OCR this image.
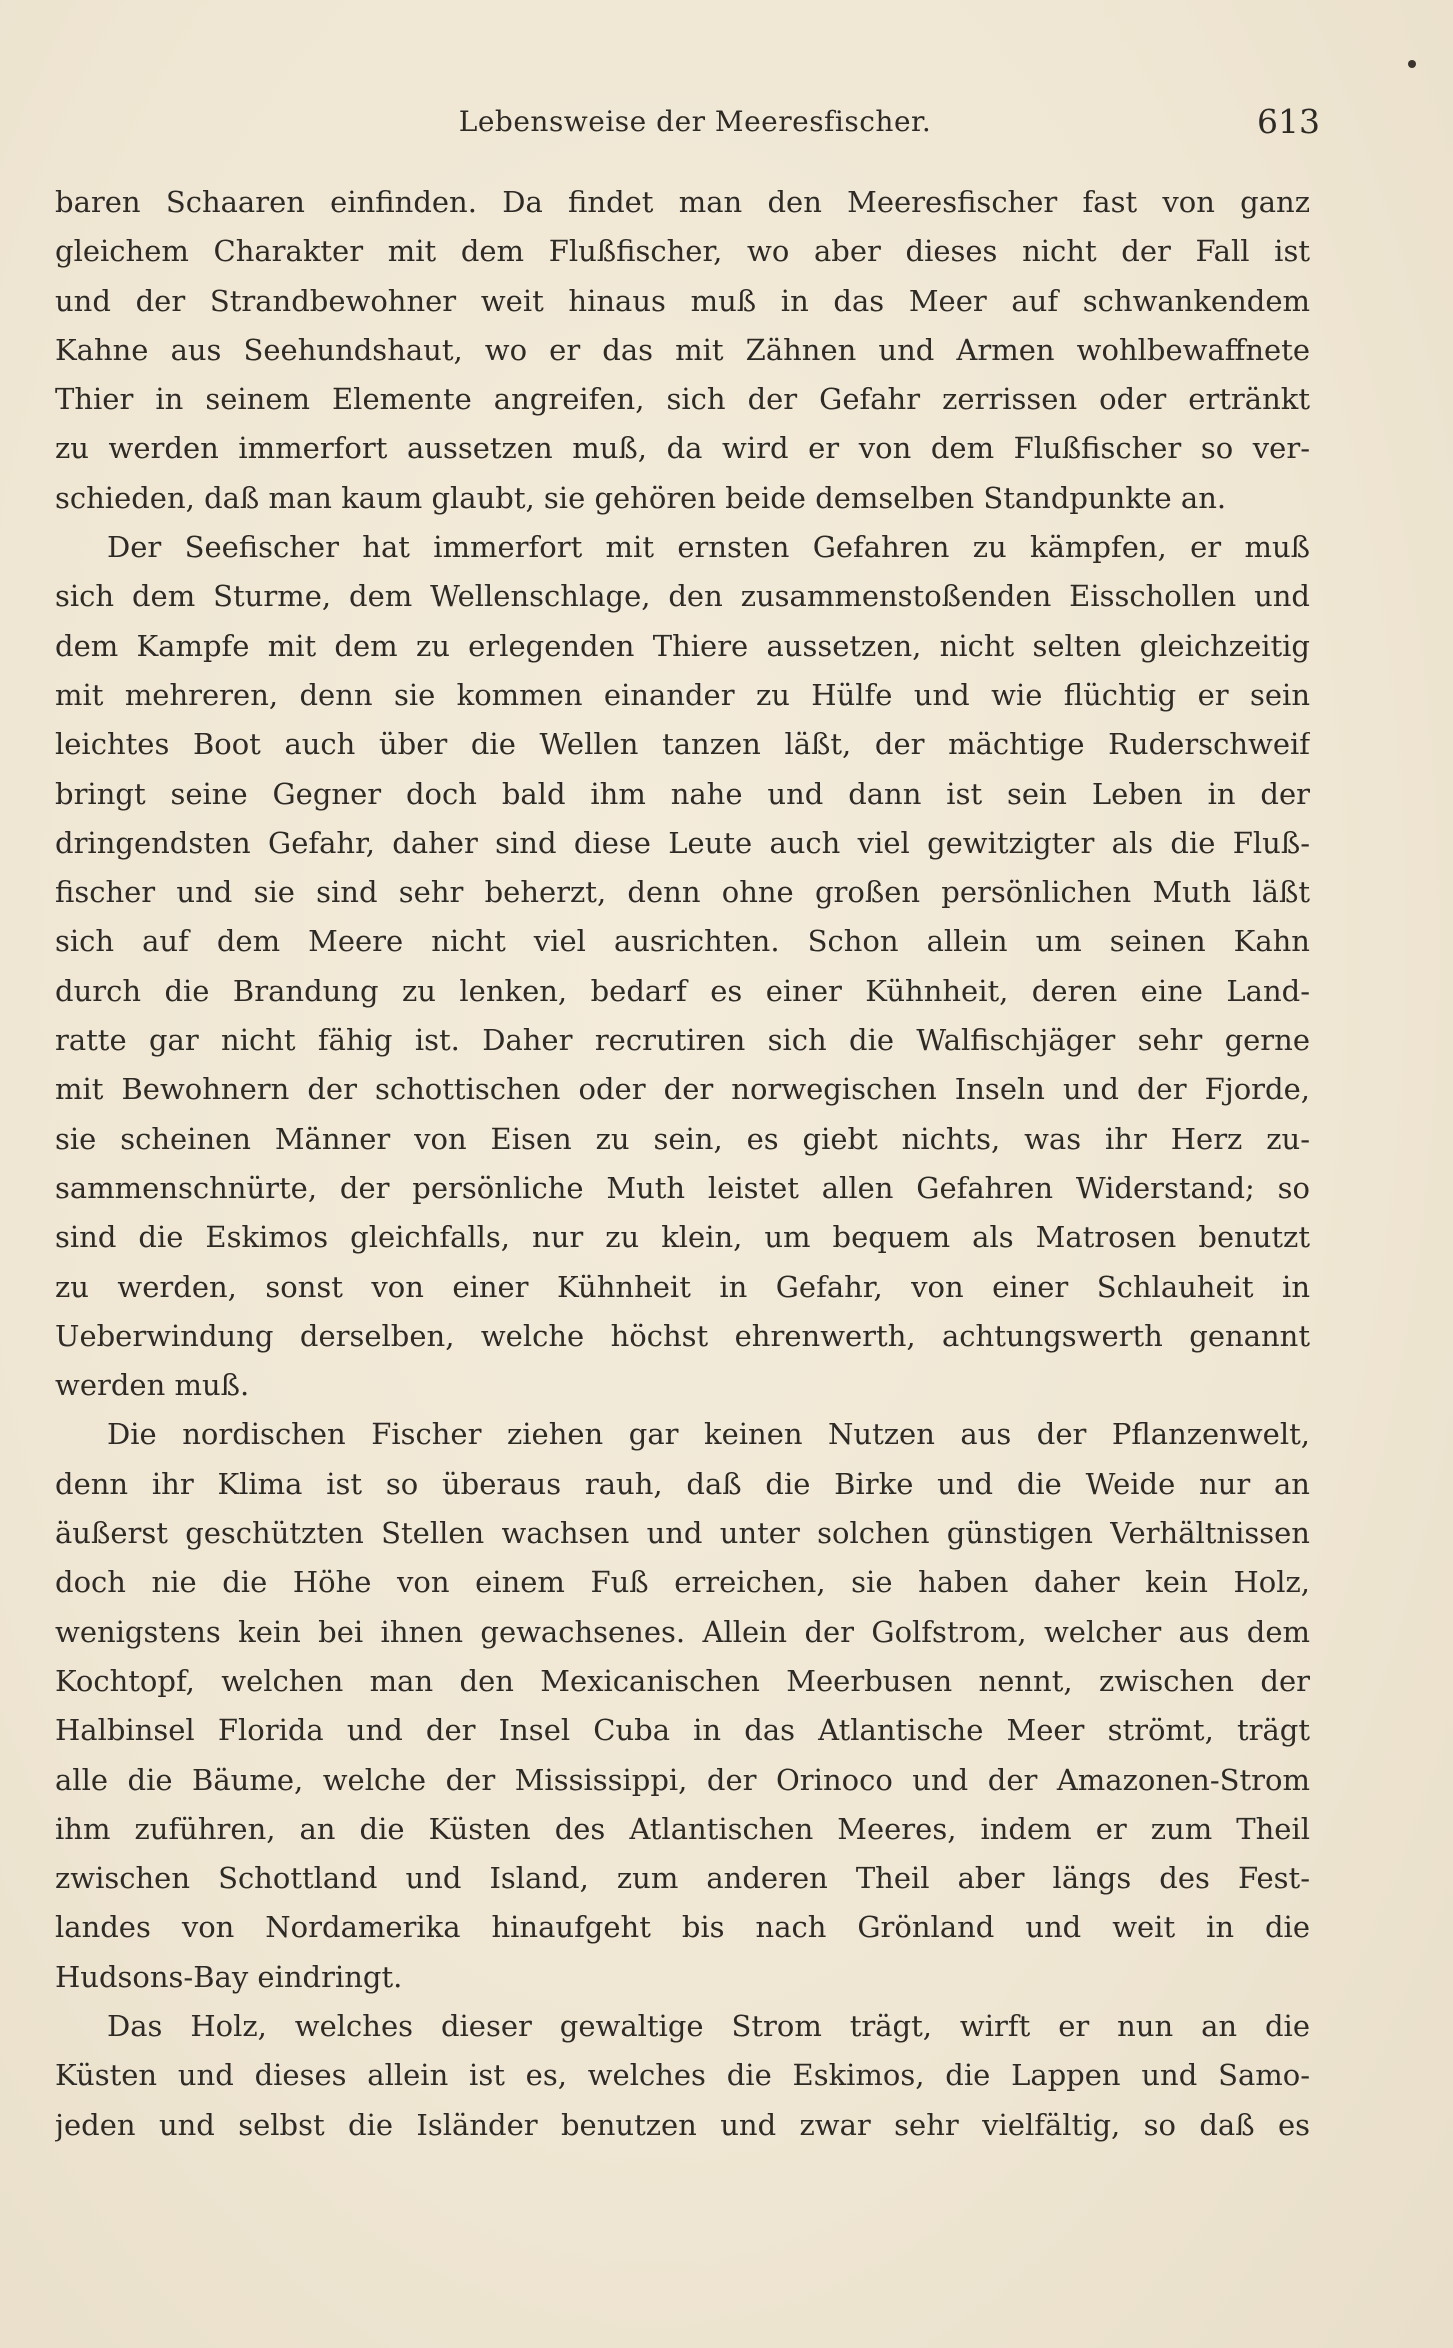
Lebensweise der Meeresfischer.	613
baren Schaaren einfinden. Da findet man den Meeresfischer fast von ganz
gleichem Charakter mit dem Flußfischer, wo aber dieses nicht der Fall ist
und der Strandbewohner weit hinaus muß in das Meer auf schwankendem
Kahne aus Seehundshaut, wo er das mit Zähnen und Armen wohlbewaffnete
Thier in seinem Elemente angreifen, sich der Gefahr zerrissen oder ertränkt
zu werden immerfort aussetzen muß, da wird er von dem Flußfischer so ver-
schieden, daß man kaum glaubt, sie gehören beide demselben Standpunkte an.
Der Seefischer hat immerfort mit ernsten Gefahren zu kämpfen, er muß
sich dem Sturme, dem Wellenschlage, den zusammenstoßenden Eisschollen und
dem Kampfe mit dem zu erlegenden Thiere aussetzen, nicht selten gleichzeitig
mit mehreren, denn sie kommen einander zu Hülfe und wie flüchtig er sein
leichtes Boot auch über die Wellen tanzen läßt, der mächtige Ruderschweif
bringt seine Gegner doch bald ihm nahe und dann ist sein Leben in der
dringendsten Gefahr, daher sind diese Leute auch viel gewitzigter als die Fluß-
fischer und sie sind sehr beherzt, denn ohne großen persönlichen Muth läßt
sich auf dem Meere nicht viel ausrichten. Schon allein um seinen Kahn
durch die Brandung zu lenken, bedarf es einer Kühnheit, deren eine Land-
ratte gar nicht fähig ist. Daher recrutiren sich die Walfischjäger sehr gerne
mit Bewohnern der schottischen oder der norwegischen Inseln und der Fjorde,
sie scheinen Männer von Eisen zu sein, es giebt nichts, was ihr Herz zu-
sammenschnürte, der persönliche Muth leistet allen Gefahren Widerstand; so
sind die Eskimos gleichfalls, nur zu klein, um bequem als Matrosen benutzt
zu werden, sonst von einer Kühnheit in Gefahr, von einer Schlauheit in
Ueberwindung derselben, welche höchst ehrenwerth, achtungswerth genannt
werden muß.
Die nordischen Fischer ziehen gar keinen Nutzen aus der Pflanzenwelt,
denn ihr Klima ist so überaus rauh, daß die Birke und die Weide nur an
äußerst geschützten Stellen wachsen und unter solchen günstigen Verhältnissen
doch nie die Höhe von einem Fuß erreichen, sie haben daher kein Holz,
wenigstens kein bei ihnen gewachsenes. Allein der Golfstrom, welcher aus dem
Kochtopf, welchen man den Mexicanischen Meerbusen nennt, zwischen der
Halbinsel Florida und der Insel Cuba in das Atlantische Meer strömt, trägt
alle die Bäume, welche der Mississippi, der Orinoco und der Amazonen-Strom
ihm zuführen, an die Küsten des Atlantischen Meeres, indem er zum Theil
zwischen Schottland und Island, zum anderen Theil aber längs des Fest-
landes von Nordamerika hinaufgeht bis nach Grönland und weit in die
Hudsons-Bay eindringt.
Das Holz, welches dieser gewaltige Strom trägt, wirft er nun an die
Küsten und dieses allein ist es, welches die Eskimos, die Lappen und Samo-
jeden und selbst die Isländer benutzen und zwar sehr vielfältig, so daß es
